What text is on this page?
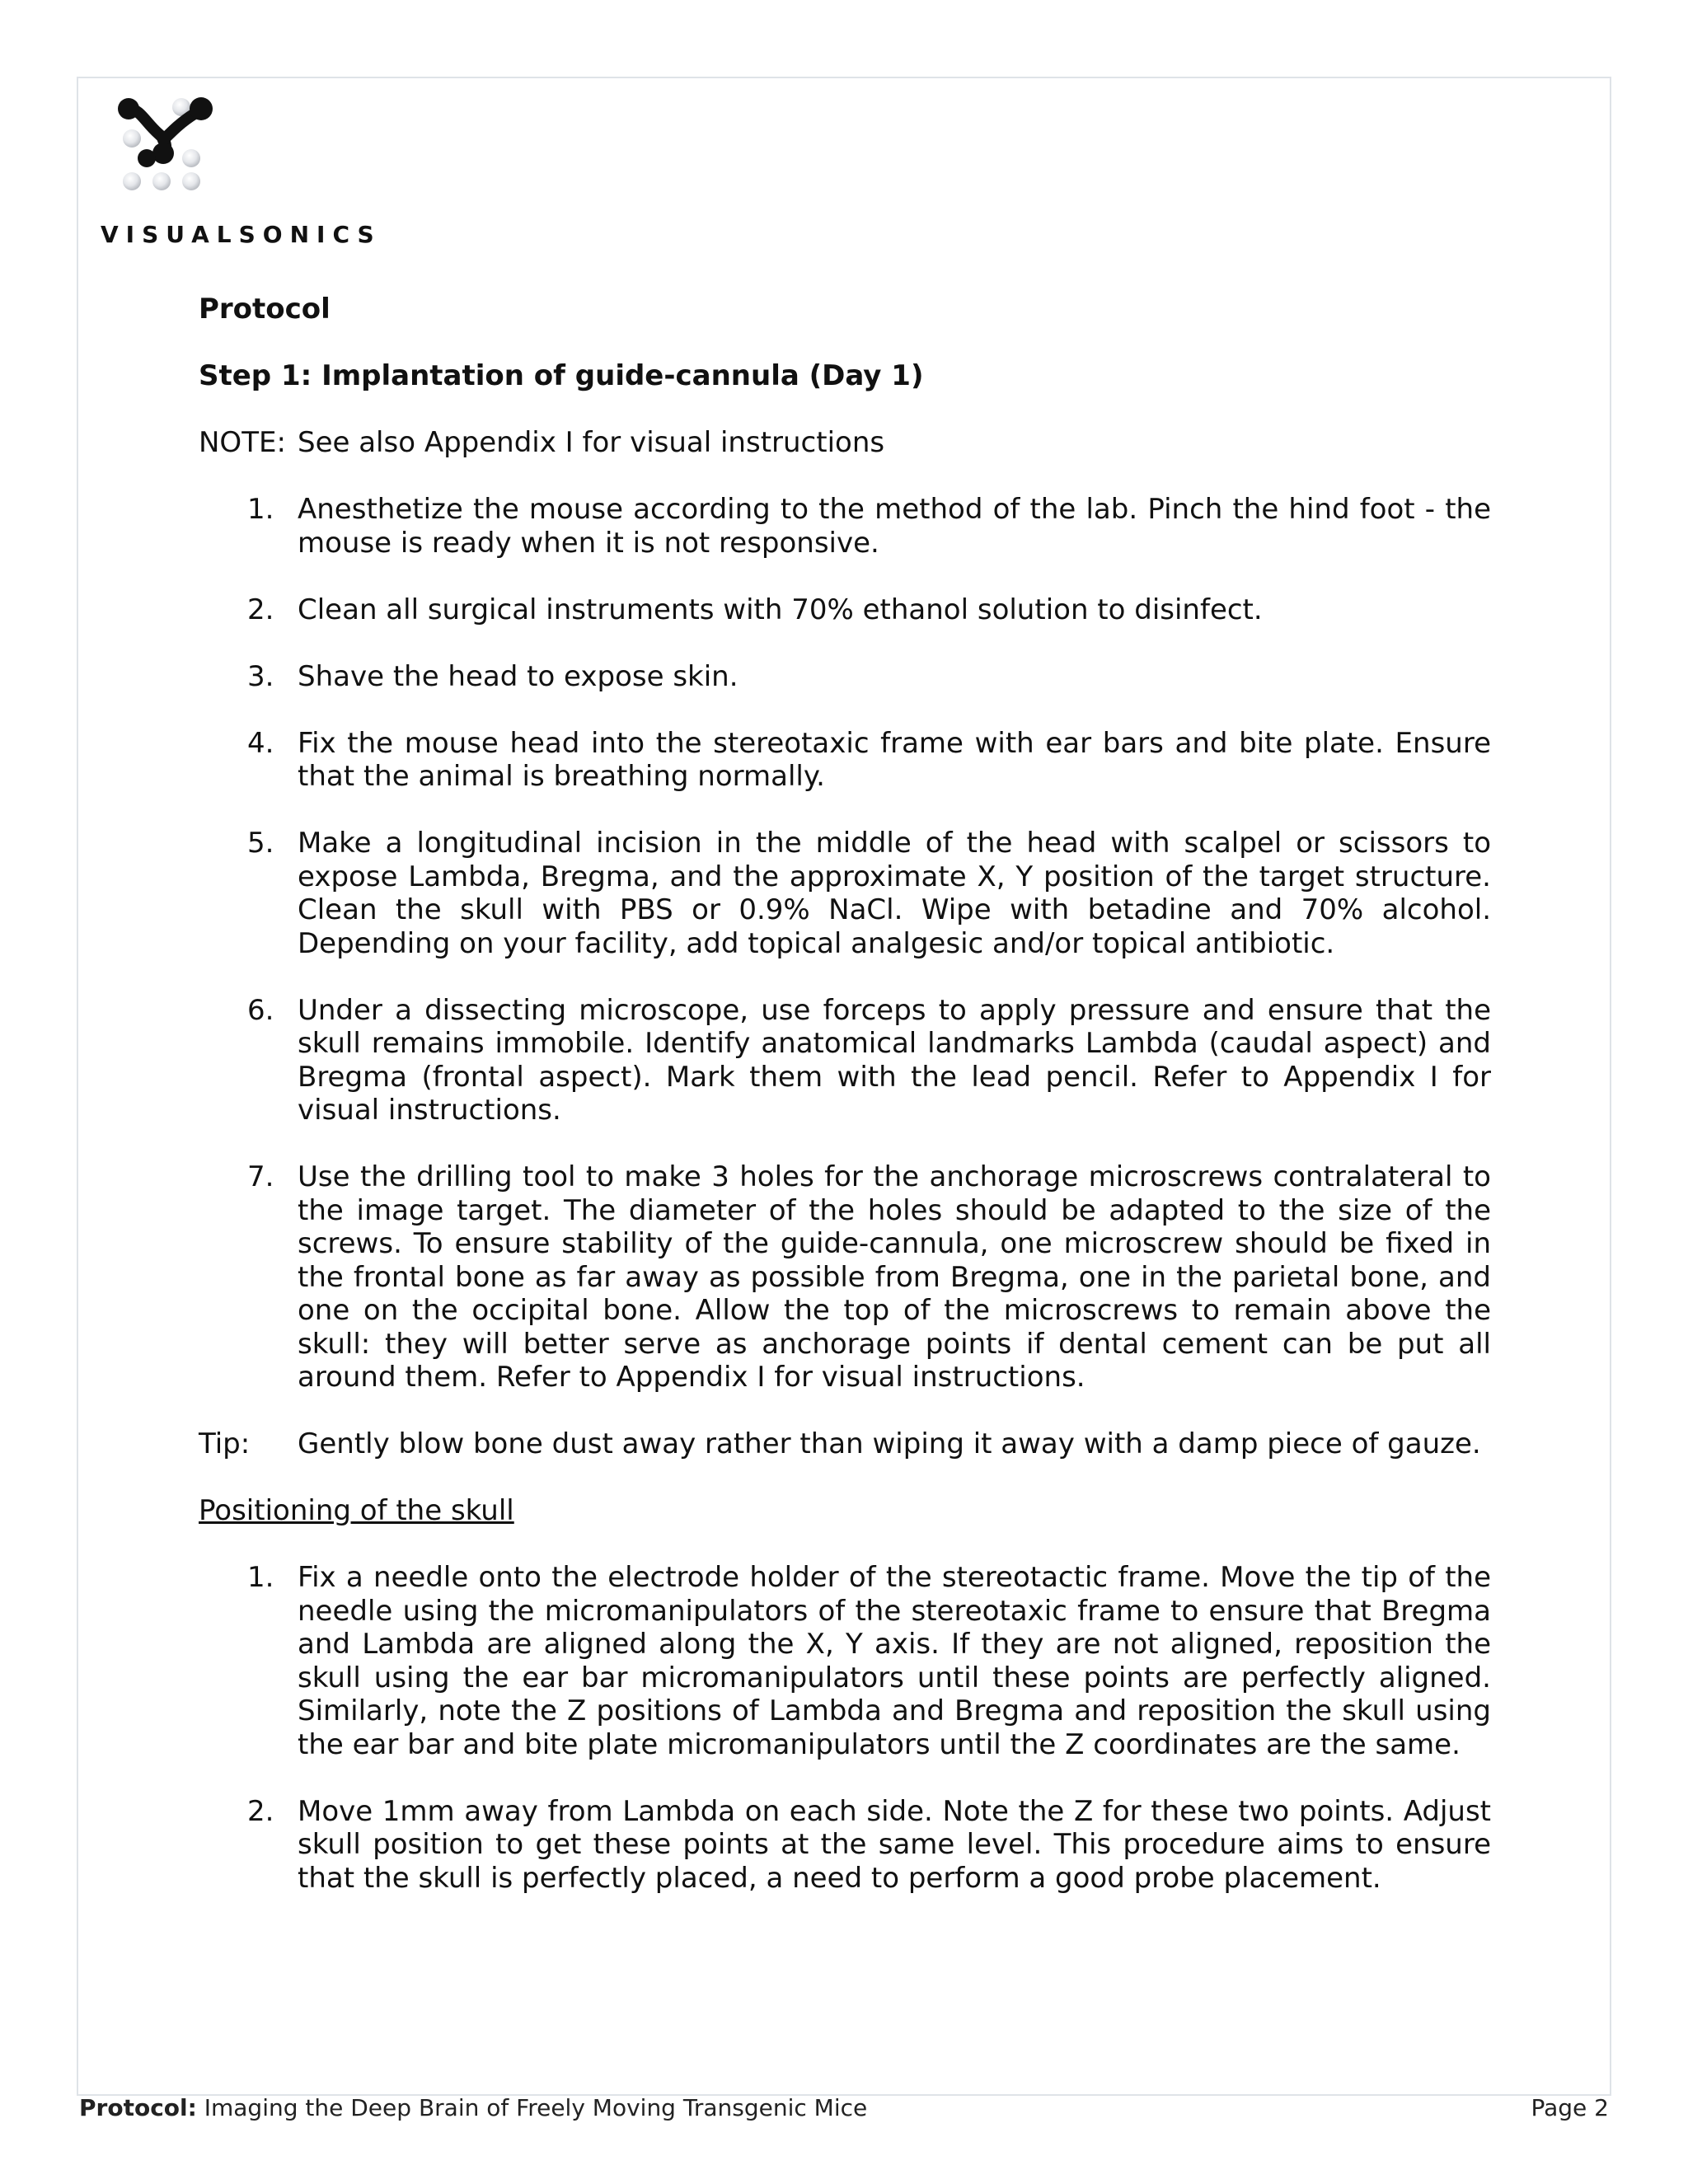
VISUALSONICS

Protocol

Step 1: Implantation of guide-cannula (Day 1)

NOTE: See also Appendix I for visual instructions

1. Anesthetize the mouse according to the method of the lab. Pinch the hind foot - the mouse is ready when it is not responsive.
2. Clean all surgical instruments with 70% ethanol solution to disinfect.
3. Shave the head to expose skin.
4. Fix the mouse head into the stereotaxic frame with ear bars and bite plate. Ensure that the animal is breathing normally.
5. Make a longitudinal incision in the middle of the head with scalpel or scissors to expose Lambda, Bregma, and the approximate X, Y position of the target structure. Clean the skull with PBS or 0.9% NaCl. Wipe with betadine and 70% alcohol. Depending on your facility, add topical analgesic and/or topical antibiotic.
6. Under a dissecting microscope, use forceps to apply pressure and ensure that the skull remains immobile. Identify anatomical landmarks Lambda (caudal aspect) and Bregma (frontal aspect). Mark them with the lead pencil. Refer to Appendix I for visual instructions.
7. Use the drilling tool to make 3 holes for the anchorage microscrews contralateral to the image target. The diameter of the holes should be adapted to the size of the screws. To ensure stability of the guide-cannula, one microscrew should be fixed in the frontal bone as far away as possible from Bregma, one in the parietal bone, and one on the occipital bone. Allow the top of the microscrews to remain above the skull: they will better serve as anchorage points if dental cement can be put all around them. Refer to Appendix I for visual instructions.
Tip:	Gently blow bone dust away rather than wiping it away with a damp piece of gauze.

Positioning of the skull

1. Fix a needle onto the electrode holder of the stereotactic frame. Move the tip of the needle using the micromanipulators of the stereotaxic frame to ensure that Bregma and Lambda are aligned along the X, Y axis. If they are not aligned, reposition the skull using the ear bar micromanipulators until these points are perfectly aligned. Similarly, note the Z positions of Lambda and Bregma and reposition the skull using the ear bar and bite plate micromanipulators until the Z coordinates are the same.
2. Move 1mm away from Lambda on each side. Note the Z for these two points. Adjust skull position to get these points at the same level. This procedure aims to ensure that the skull is perfectly placed, a need to perform a good probe placement.
Protocol: Imaging the Deep Brain of Freely Moving Transgenic Mice	Page 2
